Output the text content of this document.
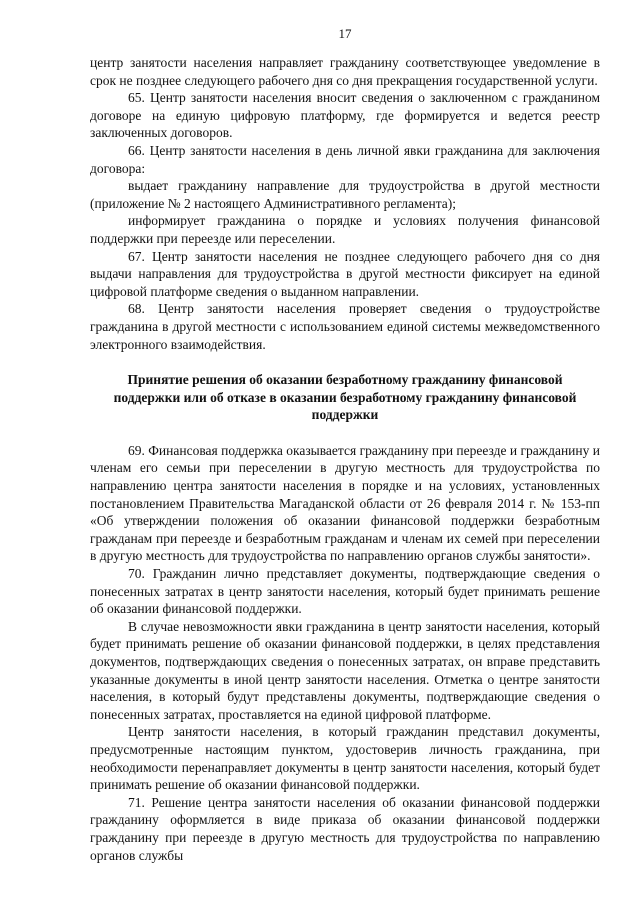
17

центр занятости населения направляет гражданину соответствующее уведомление в срок не позднее следующего рабочего дня со дня прекращения государственной услуги.

65. Центр занятости населения вносит сведения о заключенном с гражданином договоре на единую цифровую платформу, где формируется и ведется реестр заключенных договоров.

66. Центр занятости населения в день личной явки гражданина для заключения договора:

выдает гражданину направление для трудоустройства в другой местности (приложение № 2 настоящего Административного регламента);

информирует гражданина о порядке и условиях получения финансовой поддержки при переезде или переселении.

67. Центр занятости населения не позднее следующего рабочего дня со дня выдачи направления для трудоустройства в другой местности фиксирует на единой цифровой платформе сведения о выданном направлении.

68. Центр занятости населения проверяет сведения о трудоустройстве гражданина в другой местности с использованием единой системы межведомственного электронного взаимодействия.

Принятие решения об оказании безработному гражданину финансовой поддержки или об отказе в оказании безработному гражданину финансовой поддержки

69. Финансовая поддержка оказывается гражданину при переезде и гражданину и членам его семьи при переселении в другую местность для трудоустройства по направлению центра занятости населения в порядке и на условиях, установленных постановлением Правительства Магаданской области от 26 февраля 2014 г. № 153-пп «Об утверждении положения об оказании финансовой поддержки безработным гражданам при переезде и безработным гражданам и членам их семей при переселении в другую местность для трудоустройства по направлению органов службы занятости».

70. Гражданин лично представляет документы, подтверждающие сведения о понесенных затратах в центр занятости населения, который будет принимать решение об оказании финансовой поддержки.

В случае невозможности явки гражданина в центр занятости населения, который будет принимать решение об оказании финансовой поддержки, в целях представления документов, подтверждающих сведения о понесенных затратах, он вправе представить указанные документы в иной центр занятости населения. Отметка о центре занятости населения, в который будут представлены документы, подтверждающие сведения о понесенных затратах, проставляется на единой цифровой платформе.

Центр занятости населения, в который гражданин представил документы, предусмотренные настоящим пунктом, удостоверив личность гражданина, при необходимости перенаправляет документы в центр занятости населения, который будет принимать решение об оказании финансовой поддержки.

71. Решение центра занятости населения об оказании финансовой поддержки гражданину оформляется в виде приказа об оказании финансовой поддержки гражданину при переезде в другую местность для трудоустройства по направлению органов службы
